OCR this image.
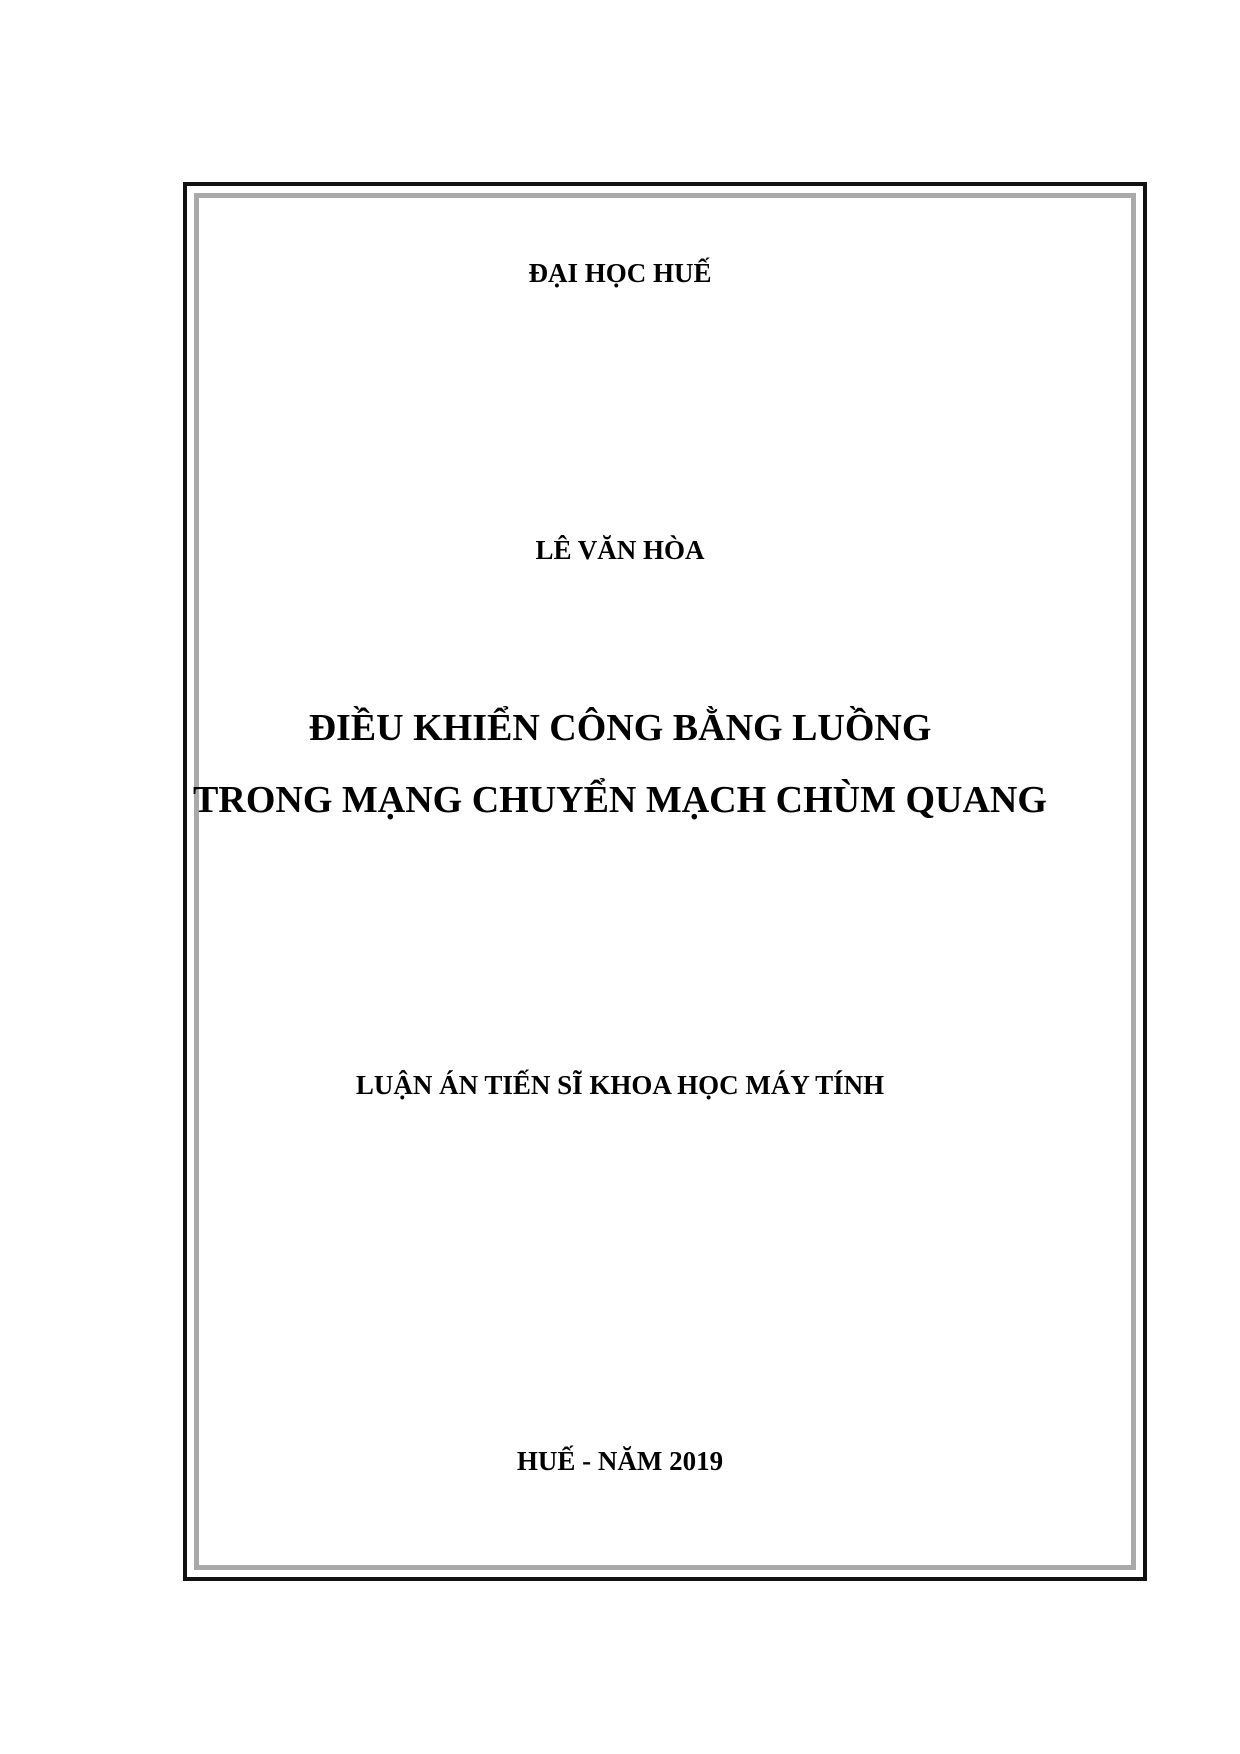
ĐẠI HỌC HUẾ
LÊ VĂN HÒA
ĐIỀU KHIỂN CÔNG BẰNG LUỒNG
TRONG MẠNG CHUYỂN MẠCH CHÙM QUANG
LUẬN ÁN TIẾN SĨ KHOA HỌC MÁY TÍNH
HUẾ - NĂM 2019
